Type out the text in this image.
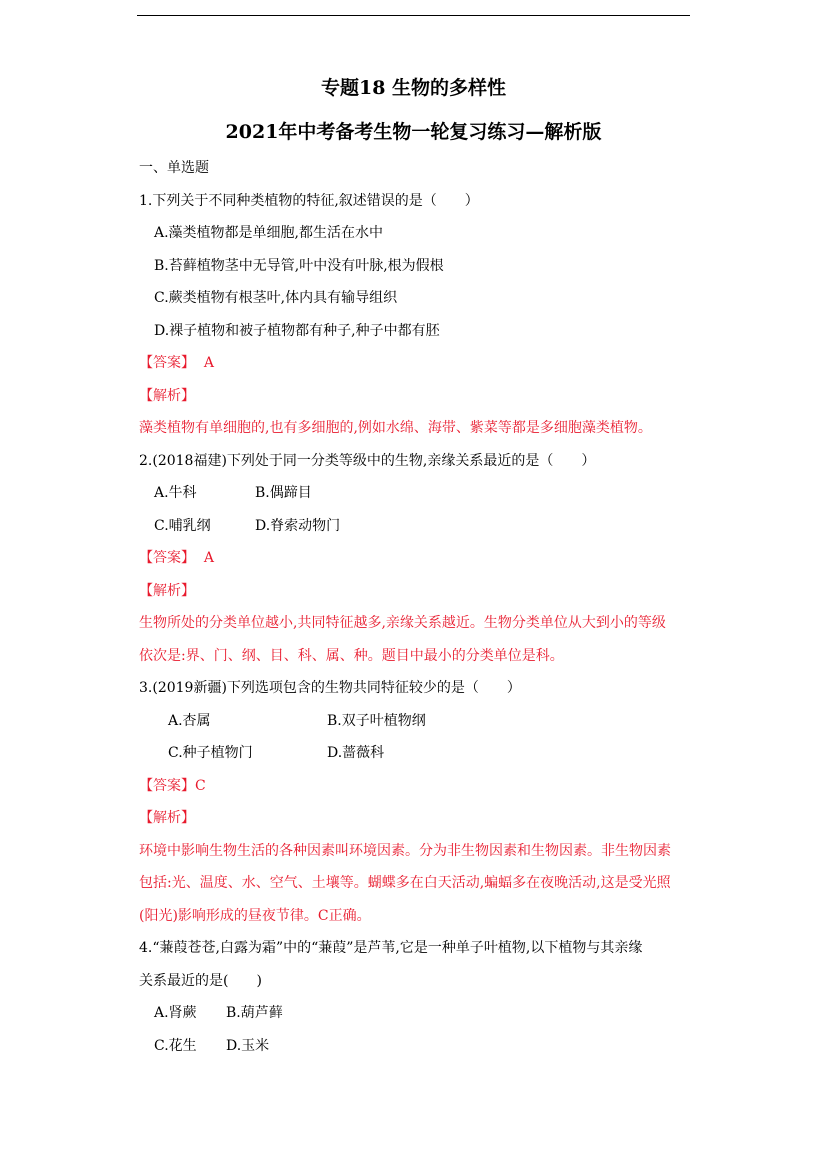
专题18 生物的多样性
2021年中考备考生物一轮复习练习—解析版
一、单选题
1.下列关于不同种类植物的特征,叙述错误的是（　　）
A.藻类植物都是单细胞,都生活在水中
B.苔藓植物茎中无导管,叶中没有叶脉,根为假根
C.蕨类植物有根茎叶,体内具有输导组织
D.裸子植物和被子植物都有种子,种子中都有胚
【答案】 A
【解析】
藻类植物有单细胞的,也有多细胞的,例如水绵、海带、紫菜等都是多细胞藻类植物。
2.(2018福建)下列处于同一分类等级中的生物,亲缘关系最近的是（　　）
A.牛科	B.偶蹄目
C.哺乳纲	D.脊索动物门
【答案】 A
【解析】
生物所处的分类单位越小,共同特征越多,亲缘关系越近。生物分类单位从大到小的等级
依次是:界、门、纲、目、科、属、种。题目中最小的分类单位是科。
3.(2019新疆)下列选项包含的生物共同特征较少的是（　　）
A.杏属	B.双子叶植物纲
C.种子植物门	D.蔷薇科
【答案】C
【解析】
环境中影响生物生活的各种因素叫环境因素。分为非生物因素和生物因素。非生物因素
包括:光、温度、水、空气、土壤等。蝴蝶多在白天活动,蝙蝠多在夜晚活动,这是受光照
(阳光)影响形成的昼夜节律。C正确。
4.“蒹葭苍苍,白露为霜”中的“蒹葭”是芦苇,它是一种单子叶植物,以下植物与其亲缘
关系最近的是(　　)
A.肾蕨 B.葫芦藓
C.花生 D.玉米
